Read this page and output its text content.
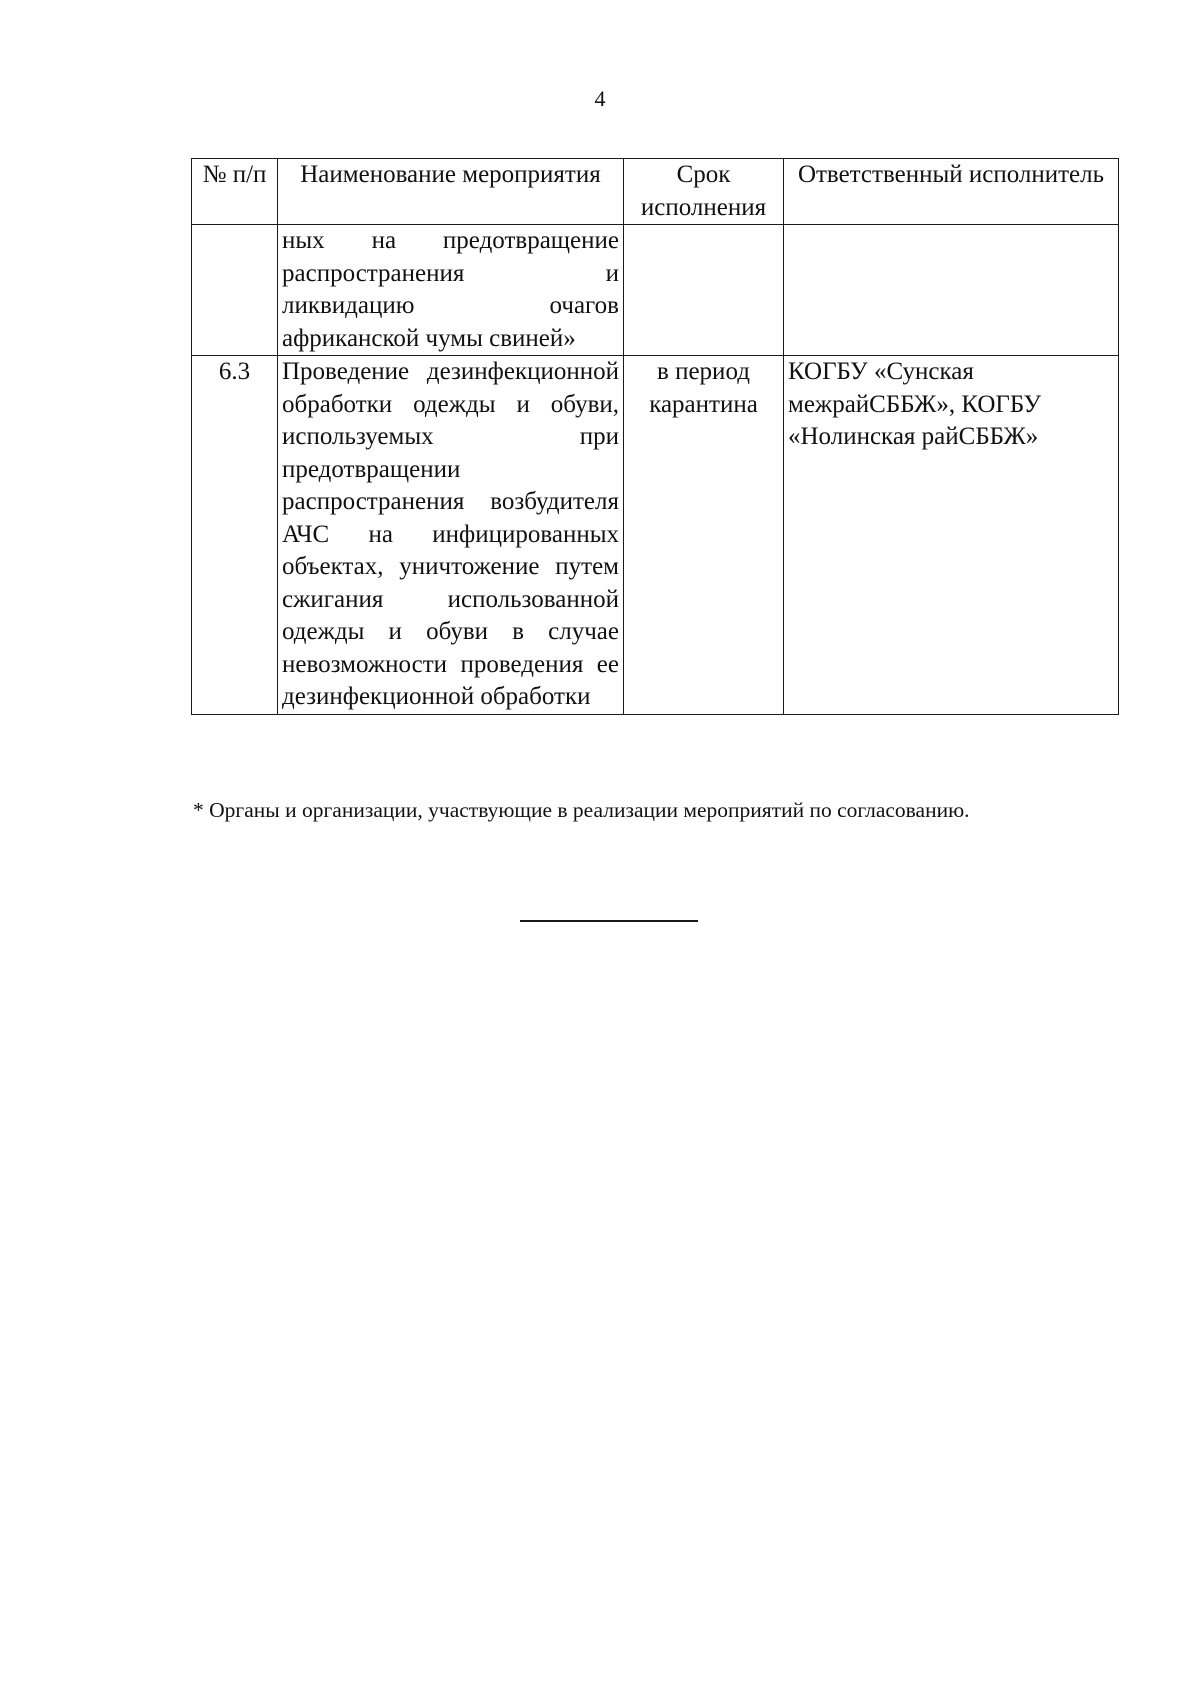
4
№ п/п	Наименование мероприятия	Срок исполнения	Ответственный исполнитель
	ных на предотвращение распространения и ликвидацию очагов африканской чумы свиней»		
6.3	Проведение дезинфекционной обработки одежды и обуви, используемых при предотвращении распространения возбудителя АЧС на инфицированных объектах, уничтожение путем сжигания использованной одежды и обуви в случае невозможности проведения ее дезинфекционной обработки	в период карантина	КОГБУ «Сунская межрайСББЖ», КОГБУ «Нолинская райСББЖ»
* Органы и организации, участвующие в реализации мероприятий по согласованию.
